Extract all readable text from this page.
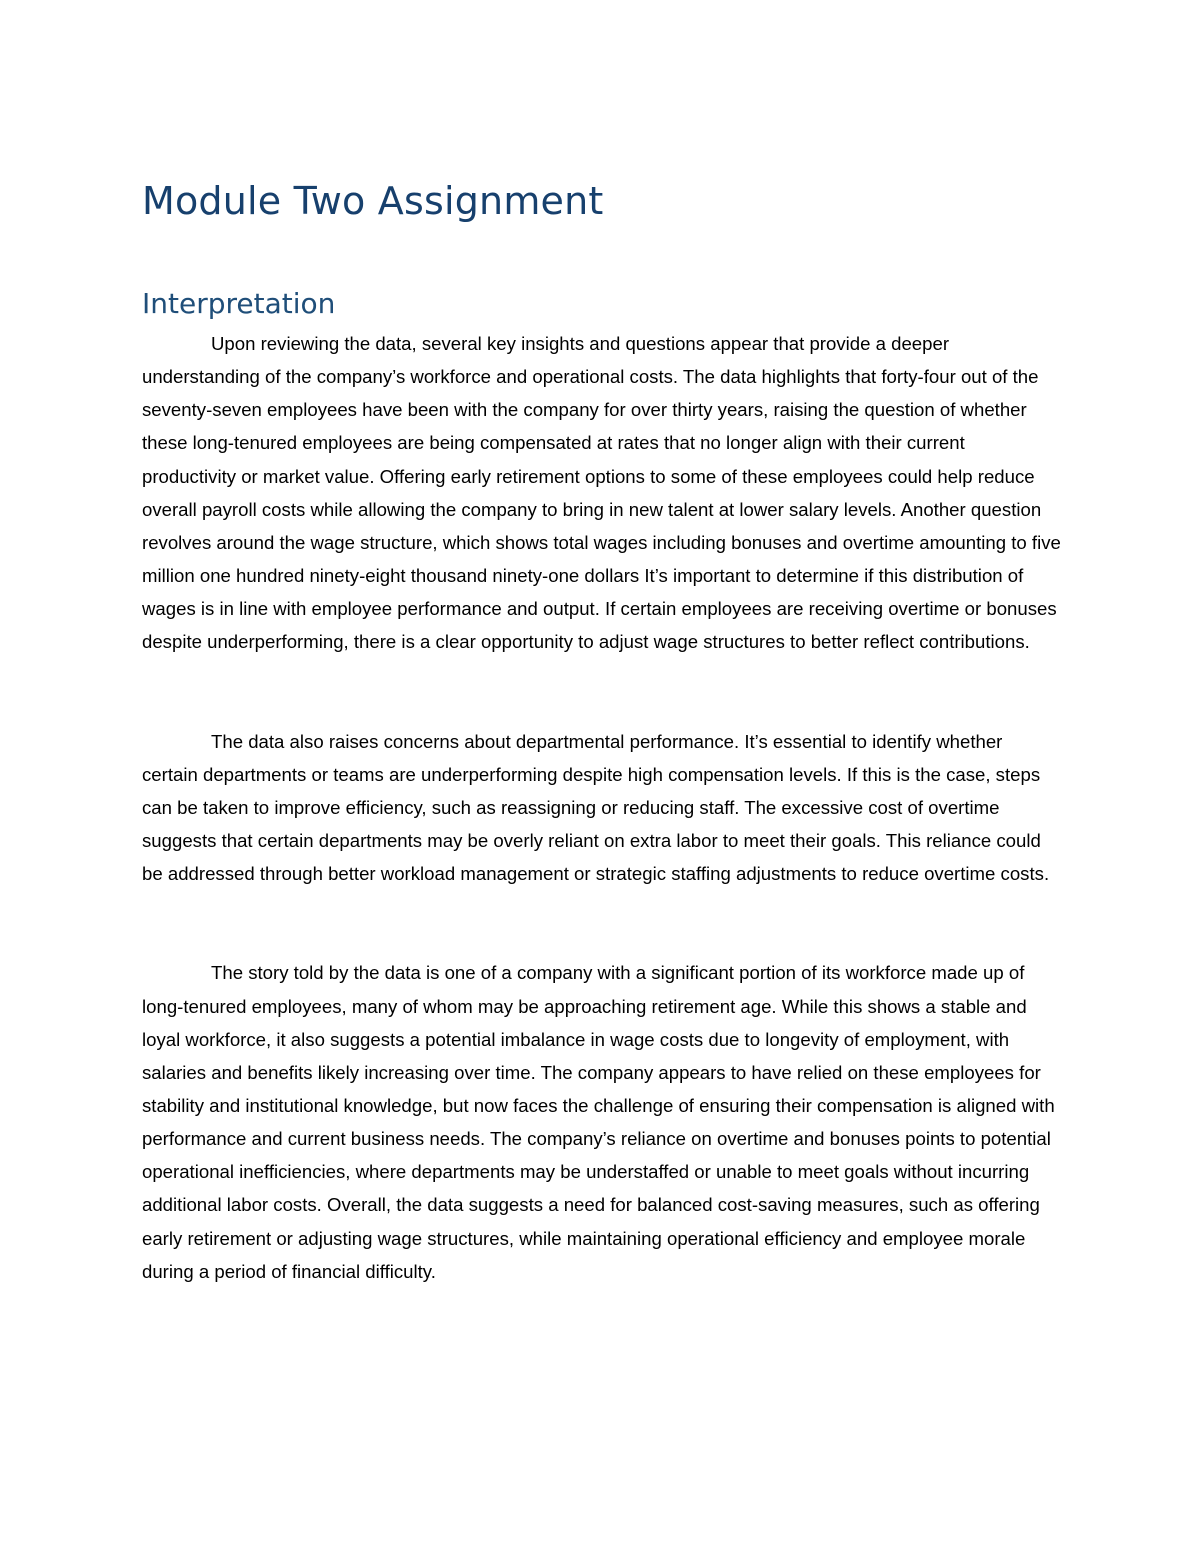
Module Two Assignment
Interpretation

Upon reviewing the data, several key insights and questions appear that provide a deeper understanding of the company’s workforce and operational costs. The data highlights that forty-four out of the seventy-seven employees have been with the company for over thirty years, raising the question of whether these long-tenured employees are being compensated at rates that no longer align with their current productivity or market value. Offering early retirement options to some of these employees could help reduce overall payroll costs while allowing the company to bring in new talent at lower salary levels. Another question revolves around the wage structure, which shows total wages including bonuses and overtime amounting to five million one hundred ninety-eight thousand ninety-one dollars It’s important to determine if this distribution of wages is in line with employee performance and output. If certain employees are receiving overtime or bonuses despite underperforming, there is a clear opportunity to adjust wage structures to better reflect contributions.

The data also raises concerns about departmental performance. It’s essential to identify whether certain departments or teams are underperforming despite high compensation levels. If this is the case, steps can be taken to improve efficiency, such as reassigning or reducing staff. The excessive cost of overtime suggests that certain departments may be overly reliant on extra labor to meet their goals. This reliance could be addressed through better workload management or strategic staffing adjustments to reduce overtime costs.

The story told by the data is one of a company with a significant portion of its workforce made up of long-tenured employees, many of whom may be approaching retirement age. While this shows a stable and loyal workforce, it also suggests a potential imbalance in wage costs due to longevity of employment, with salaries and benefits likely increasing over time. The company appears to have relied on these employees for stability and institutional knowledge, but now faces the challenge of ensuring their compensation is aligned with performance and current business needs. The company’s reliance on overtime and bonuses points to potential operational inefficiencies, where departments may be understaffed or unable to meet goals without incurring additional labor costs. Overall, the data suggests a need for balanced cost-saving measures, such as offering early retirement or adjusting wage structures, while maintaining operational efficiency and employee morale during a period of financial difficulty.
